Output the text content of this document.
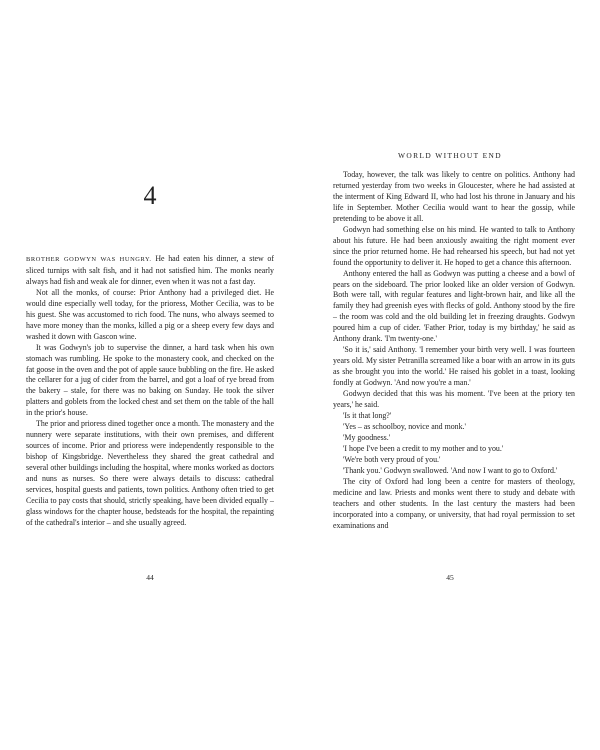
4

BROTHER GODWYN WAS HUNGRY. He had eaten his dinner, a stew of sliced turnips with salt fish, and it had not satisfied him. The monks nearly always had fish and weak ale for dinner, even when it was not a fast day.

Not all the monks, of course: Prior Anthony had a privileged diet. He would dine especially well today, for the prioress, Mother Cecilia, was to be his guest. She was accustomed to rich food. The nuns, who always seemed to have more money than the monks, killed a pig or a sheep every few days and washed it down with Gascon wine.

It was Godwyn's job to supervise the dinner, a hard task when his own stomach was rumbling. He spoke to the monastery cook, and checked on the fat goose in the oven and the pot of apple sauce bubbling on the fire. He asked the cellarer for a jug of cider from the barrel, and got a loaf of rye bread from the bakery – stale, for there was no baking on Sunday. He took the silver platters and goblets from the locked chest and set them on the table of the hall in the prior's house.

The prior and prioress dined together once a month. The monastery and the nunnery were separate institutions, with their own premises, and different sources of income. Prior and prioress were independently responsible to the bishop of Kingsbridge. Nevertheless they shared the great cathedral and several other buildings including the hospital, where monks worked as doctors and nuns as nurses. So there were always details to discuss: cathedral services, hospital guests and patients, town politics. Anthony often tried to get Cecilia to pay costs that should, strictly speaking, have been divided equally – glass windows for the chapter house, bedsteads for the hospital, the repainting of the cathedral's interior – and she usually agreed.

44
WORLD WITHOUT END

Today, however, the talk was likely to centre on politics. Anthony had returned yesterday from two weeks in Gloucester, where he had assisted at the interment of King Edward II, who had lost his throne in January and his life in September. Mother Cecilia would want to hear the gossip, while pretending to be above it all.

Godwyn had something else on his mind. He wanted to talk to Anthony about his future. He had been anxiously awaiting the right moment ever since the prior returned home. He had rehearsed his speech, but had not yet found the opportunity to deliver it. He hoped to get a chance this afternoon.

Anthony entered the hall as Godwyn was putting a cheese and a bowl of pears on the sideboard. The prior looked like an older version of Godwyn. Both were tall, with regular features and light-brown hair, and like all the family they had greenish eyes with flecks of gold. Anthony stood by the fire – the room was cold and the old building let in freezing draughts. Godwyn poured him a cup of cider. 'Father Prior, today is my birthday,' he said as Anthony drank. 'I'm twenty-one.'

'So it is,' said Anthony. 'I remember your birth very well. I was fourteen years old. My sister Petranilla screamed like a boar with an arrow in its guts as she brought you into the world.' He raised his goblet in a toast, looking fondly at Godwyn. 'And now you're a man.'

Godwyn decided that this was his moment. 'I've been at the priory ten years,' he said.

'Is it that long?'

'Yes – as schoolboy, novice and monk.'

'My goodness.'

'I hope I've been a credit to my mother and to you.'

'We're both very proud of you.'

'Thank you.' Godwyn swallowed. 'And now I want to go to Oxford.'

The city of Oxford had long been a centre for masters of theology, medicine and law. Priests and monks went there to study and debate with teachers and other students. In the last century the masters had been incorporated into a company, or university, that had royal permission to set examinations and

45
